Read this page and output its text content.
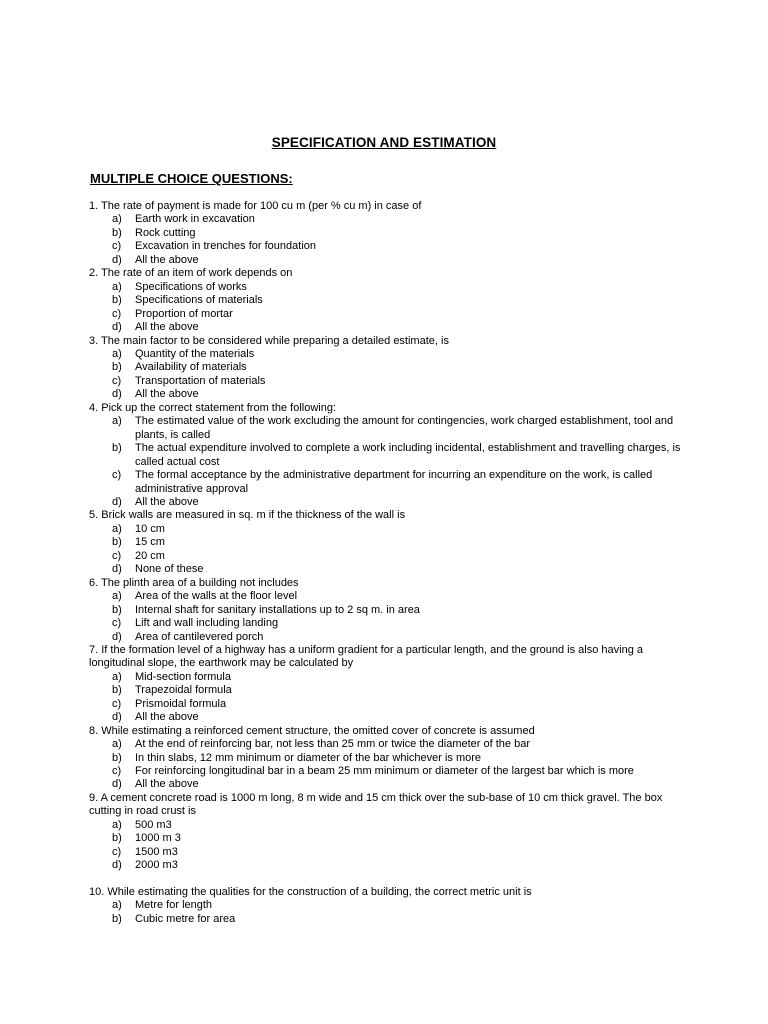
SPECIFICATION AND ESTIMATION
MULTIPLE CHOICE QUESTIONS:
1. The rate of payment is made for 100 cu m (per % cu m) in case of
a)	Earth work in excavation
b)	Rock cutting
c)	Excavation in trenches for foundation
d)	All the above
2. The rate of an item of work depends on
a)	Specifications of works
b)	Specifications of materials
c)	Proportion of mortar
d)	All the above
3. The main factor to be considered while preparing a detailed estimate, is
a)	Quantity of the materials
b)	Availability of materials
c)	Transportation of materials
d)	All the above
4. Pick up the correct statement from the following:
a)	The estimated value of the work excluding the amount for contingencies, work charged establishment, tool and plants, is called
b)	The actual expenditure involved to complete a work including incidental, establishment and travelling charges, is called actual cost
c)	The formal acceptance by the administrative department for incurring an expenditure on the work, is called administrative approval
d)	All the above
5. Brick walls are measured in sq. m if the thickness of the wall is
a)	10 cm
b)	15 cm
c)	20 cm
d)	None of these
6. The plinth area of a building not includes
a)	Area of the walls at the floor level
b)	Internal shaft for sanitary installations up to 2 sq m. in area
c)	Lift and wall including landing
d)	Area of cantilevered porch
7. If the formation level of a highway has a uniform gradient for a particular length, and the ground is also having a longitudinal slope, the earthwork may be calculated by
a)	Mid-section formula
b)	Trapezoidal formula
c)	Prismoidal formula
d)	All the above
8. While estimating a reinforced cement structure, the omitted cover of concrete is assumed
a)	At the end of reinforcing bar, not less than 25 mm or twice the diameter of the bar
b)	In thin slabs, 12 mm minimum or diameter of the bar whichever is more
c)	For reinforcing longitudinal bar in a beam 25 mm minimum or diameter of the largest bar which is more
d)	All the above
9. A cement concrete road is 1000 m long, 8 m wide and 15 cm thick over the sub-base of 10 cm thick gravel. The box cutting in road crust is
a)	500 m3
b)	1000 m 3
c)	1500 m3
d)	2000 m3
10. While estimating the qualities for the construction of a building, the correct metric unit is
a)	Metre for length
b)	Cubic metre for area
